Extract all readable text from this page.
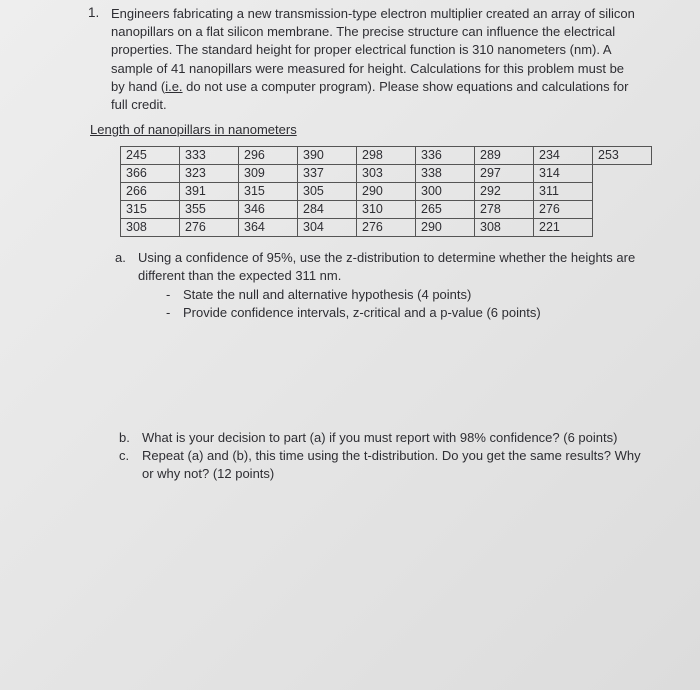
1. Engineers fabricating a new transmission-type electron multiplier created an array of silicon
nanopillars on a flat silicon membrane. The precise structure can influence the electrical
properties. The standard height for proper electrical function is 310 nanometers (nm). A
sample of 41 nanopillars were measured for height. Calculations for this problem must be
by hand (i.e. do not use a computer program). Please show equations and calculations for
full credit.
Length of nanopillars in nanometers
245	333	296	390	298	336	289	234	253
366	323	309	337	303	338	297	314	
266	391	315	305	290	300	292	311	
315	355	346	284	310	265	278	276	
308	276	364	304	276	290	308	221	
a. Using a confidence of 95%, use the z-distribution to determine whether the heights are
different than the expected 311 nm.
- State the null and alternative hypothesis (4 points)
- Provide confidence intervals, z-critical and a p-value (6 points)
b. What is your decision to part (a) if you must report with 98% confidence? (6 points)
c. Repeat (a) and (b), this time using the t-distribution. Do you get the same results? Why
or why not? (12 points)
